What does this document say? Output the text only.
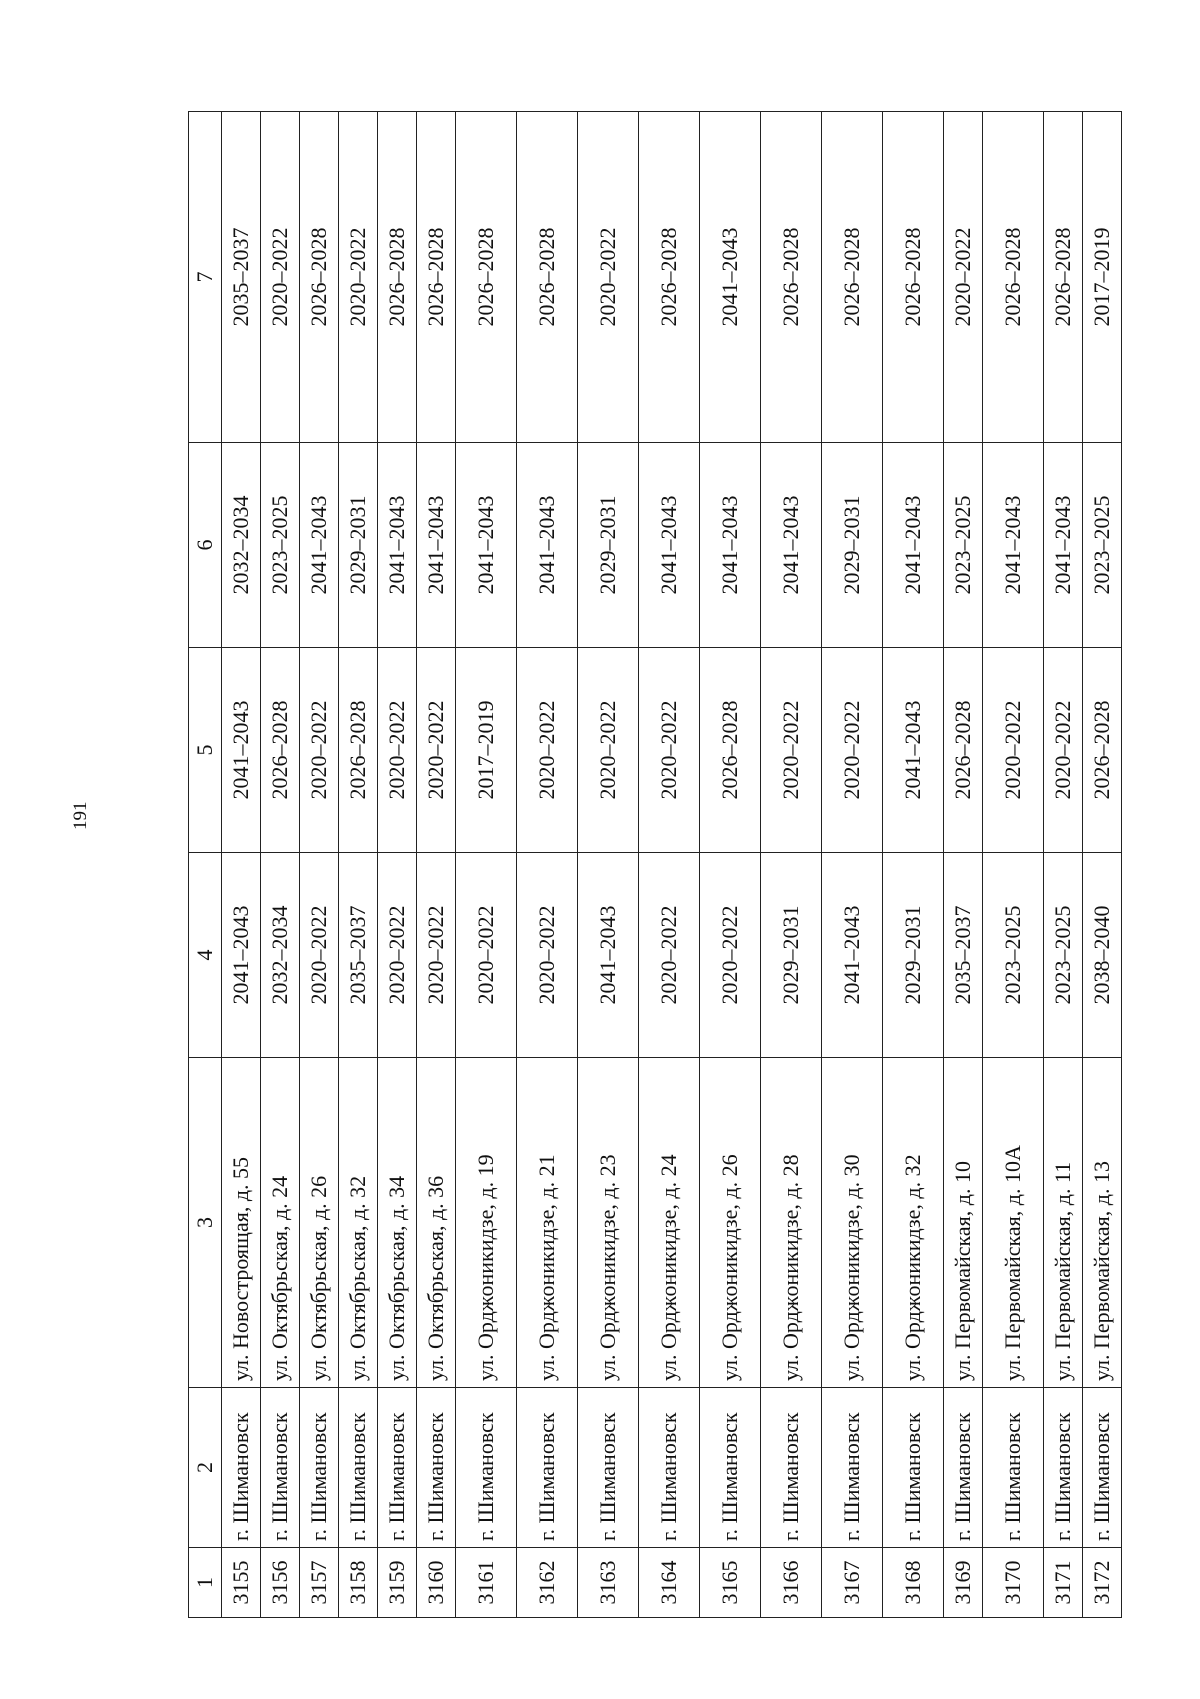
191
1	2	3	4	5	6	7
3155	г. Шимановск	ул. Новостроящая, д. 55	2041–2043	2041–2043	2032–2034	2035–2037
3156	г. Шимановск	ул. Октябрьская, д. 24	2032–2034	2026–2028	2023–2025	2020–2022
3157	г. Шимановск	ул. Октябрьская, д. 26	2020–2022	2020–2022	2041–2043	2026–2028
3158	г. Шимановск	ул. Октябрьская, д. 32	2035–2037	2026–2028	2029–2031	2020–2022
3159	г. Шимановск	ул. Октябрьская, д. 34	2020–2022	2020–2022	2041–2043	2026–2028
3160	г. Шимановск	ул. Октябрьская, д. 36	2020–2022	2020–2022	2041–2043	2026–2028
3161	г. Шимановск	ул. Орджоникидзе, д. 19	2020–2022	2017–2019	2041–2043	2026–2028
3162	г. Шимановск	ул. Орджоникидзе, д. 21	2020–2022	2020–2022	2041–2043	2026–2028
3163	г. Шимановск	ул. Орджоникидзе, д. 23	2041–2043	2020–2022	2029–2031	2020–2022
3164	г. Шимановск	ул. Орджоникидзе, д. 24	2020–2022	2020–2022	2041–2043	2026–2028
3165	г. Шимановск	ул. Орджоникидзе, д. 26	2020–2022	2026–2028	2041–2043	2041–2043
3166	г. Шимановск	ул. Орджоникидзе, д. 28	2029–2031	2020–2022	2041–2043	2026–2028
3167	г. Шимановск	ул. Орджоникидзе, д. 30	2041–2043	2020–2022	2029–2031	2026–2028
3168	г. Шимановск	ул. Орджоникидзе, д. 32	2029–2031	2041–2043	2041–2043	2026–2028
3169	г. Шимановск	ул. Первомайская, д. 10	2035–2037	2026–2028	2023–2025	2020–2022
3170	г. Шимановск	ул. Первомайская, д. 10А	2023–2025	2020–2022	2041–2043	2026–2028
3171	г. Шимановск	ул. Первомайская, д. 11	2023–2025	2020–2022	2041–2043	2026–2028
3172	г. Шимановск	ул. Первомайская, д. 13	2038–2040	2026–2028	2023–2025	2017–2019
